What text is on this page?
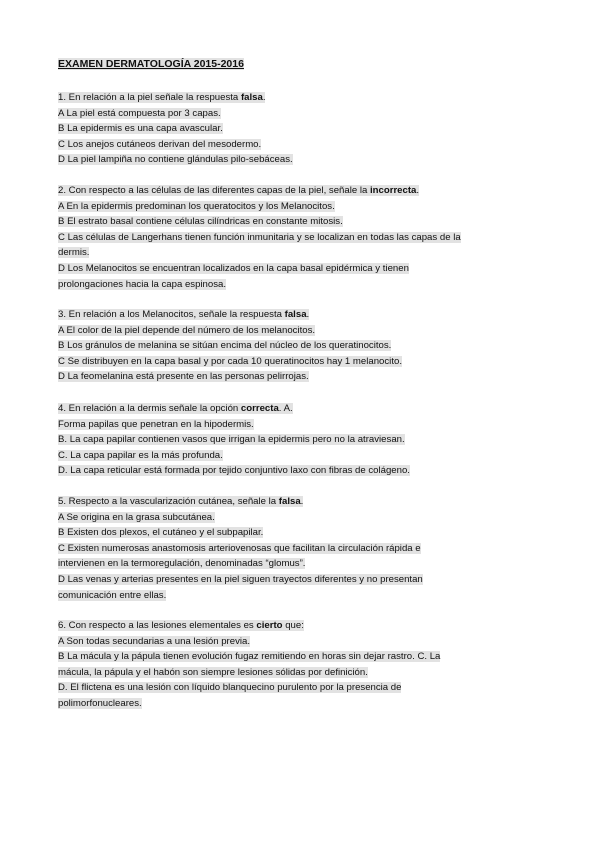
EXAMEN DERMATOLOGÍA 2015-2016
1. En relación a la piel señale la respuesta falsa.
A La piel está compuesta por 3 capas.
B La epidermis es una capa avascular.
C Los anejos cutáneos derivan del mesodermo.
D La piel lampiña no contiene glándulas pilo-sebáceas.
2. Con respecto a las células de las diferentes capas de la piel, señale la incorrecta.
A En la epidermis predominan los queratocitos y los Melanocitos.
B El estrato basal contiene células cilíndricas en constante mitosis.
C Las células de Langerhans tienen función inmunitaria y se localizan en todas las capas de la
dermis.
D Los Melanocitos se encuentran localizados en la capa basal epidérmica y tienen
prolongaciones hacia la capa espinosa.
3. En relación a los Melanocitos, señale la respuesta falsa.
A El color de la piel depende del número de los melanocitos.
B Los gránulos de melanina se sitúan encima del núcleo de los queratinocitos.
C Se distribuyen en la capa basal y por cada 10 queratinocitos hay 1 melanocito.
D La feomelanina está presente en las personas pelirrojas.
4. En relación a la dermis señale la opción correcta. A.
Forma papilas que penetran en la hipodermis.
B. La capa papilar contienen vasos que irrigan la epidermis pero no la atraviesan.
C. La capa papilar es la más profunda.
D. La capa reticular está formada por tejido conjuntivo laxo con fibras de colágeno.
5. Respecto a la vascularización cutánea, señale la falsa.
A Se origina en la grasa subcutánea.
B Existen dos plexos, el cutáneo y el subpapilar.
C Existen numerosas anastomosis arteriovenosas que facilitan la circulación rápida e
intervienen en la termoregulación, denominadas “glomus”.
D Las venas y arterias presentes en la piel siguen trayectos diferentes y no presentan
comunicación entre ellas.
6. Con respecto a las lesiones elementales es cierto que:
A Son todas secundarias a una lesión previa.
B La mácula y la pápula tienen evolución fugaz remitiendo en horas sin dejar rastro. C. La
mácula, la pápula y el habón son siempre lesiones sólidas por definición.
D. El flictena es una lesión con líquido blanquecino purulento por la presencia de
polimorfonucleares.
